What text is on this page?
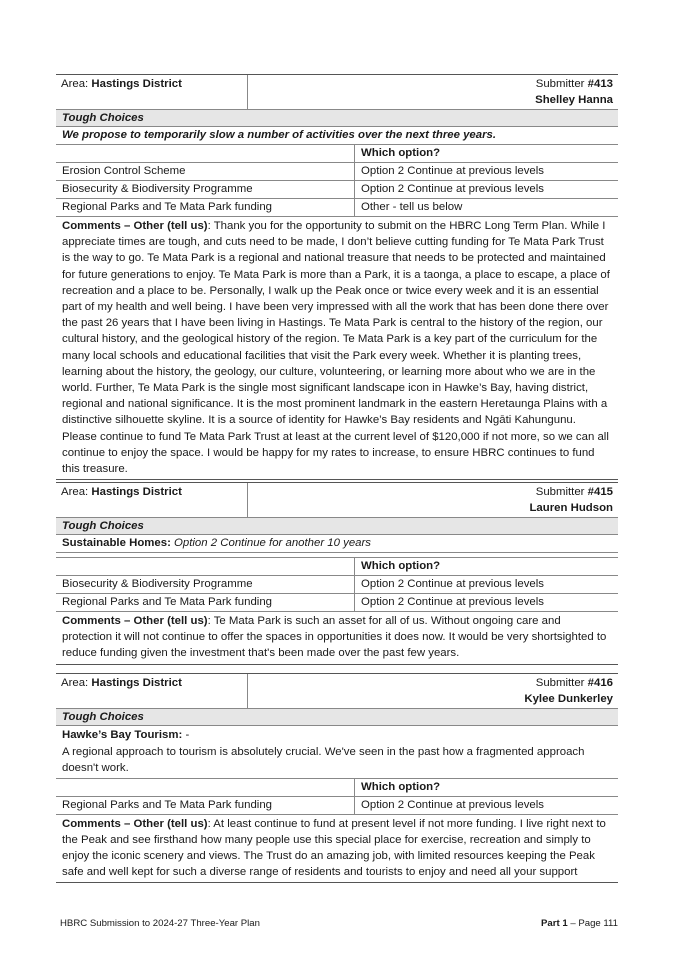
Area: Hastings District	Submitter #413
Shelley Hanna
Tough Choices
We propose to temporarily slow a number of activities over the next three years.
Which option?
Erosion Control Scheme	Option 2 Continue at previous levels
Biosecurity & Biodiversity Programme	Option 2 Continue at previous levels
Regional Parks and Te Mata Park funding	Other - tell us below
Comments – Other (tell us): Thank you for the opportunity to submit on the HBRC Long Term Plan. While I appreciate times are tough, and cuts need to be made, I don’t believe cutting funding for Te Mata Park Trust is the way to go. Te Mata Park is a regional and national treasure that needs to be protected and maintained for future generations to enjoy. Te Mata Park is more than a Park, it is a taonga, a place to escape, a place of recreation and a place to be. Personally, I walk up the Peak once or twice every week and it is an essential part of my health and well being. I have been very impressed with all the work that has been done there over the past 26 years that I have been living in Hastings. Te Mata Park is central to the history of the region, our cultural history, and the geological history of the region. Te Mata Park is a key part of the curriculum for the many local schools and educational facilities that visit the Park every week. Whether it is planting trees, learning about the history, the geology, our culture, volunteering, or learning more about who we are in the world. Further, Te Mata Park is the single most significant landscape icon in Hawke’s Bay, having district, regional and national significance. It is the most prominent landmark in the eastern Heretaunga Plains with a distinctive silhouette skyline. It is a source of identity for Hawke’s Bay residents and Ngāti Kahungunu. Please continue to fund Te Mata Park Trust at least at the current level of $120,000 if not more, so we can all continue to enjoy the space. I would be happy for my rates to increase, to ensure HBRC continues to fund this treasure.
Area: Hastings District	Submitter #415
Lauren Hudson
Tough Choices
Sustainable Homes: Option 2 Continue for another 10 years
Which option?
Biosecurity & Biodiversity Programme	Option 2 Continue at previous levels
Regional Parks and Te Mata Park funding	Option 2 Continue at previous levels
Comments – Other (tell us): Te Mata Park is such an asset for all of us. Without ongoing care and protection it will not continue to offer the spaces in opportunities it does now. It would be very shortsighted to reduce funding given the investment that's been made over the past few years.
Area: Hastings District	Submitter #416
Kylee Dunkerley
Tough Choices
Hawke’s Bay Tourism: -
A regional approach to tourism is absolutely crucial. We've seen in the past how a fragmented approach doesn't work.
Which option?
Regional Parks and Te Mata Park funding	Option 2 Continue at previous levels
Comments – Other (tell us): At least continue to fund at present level if not more funding. I live right next to the Peak and see firsthand how many people use this special place for exercise, recreation and simply to enjoy the iconic scenery and views. The Trust do an amazing job, with limited resources keeping the Peak safe and well kept for such a diverse range of residents and tourists to enjoy and need all your support
HBRC Submission to 2024-27 Three-Year Plan	Part 1 – Page 111
